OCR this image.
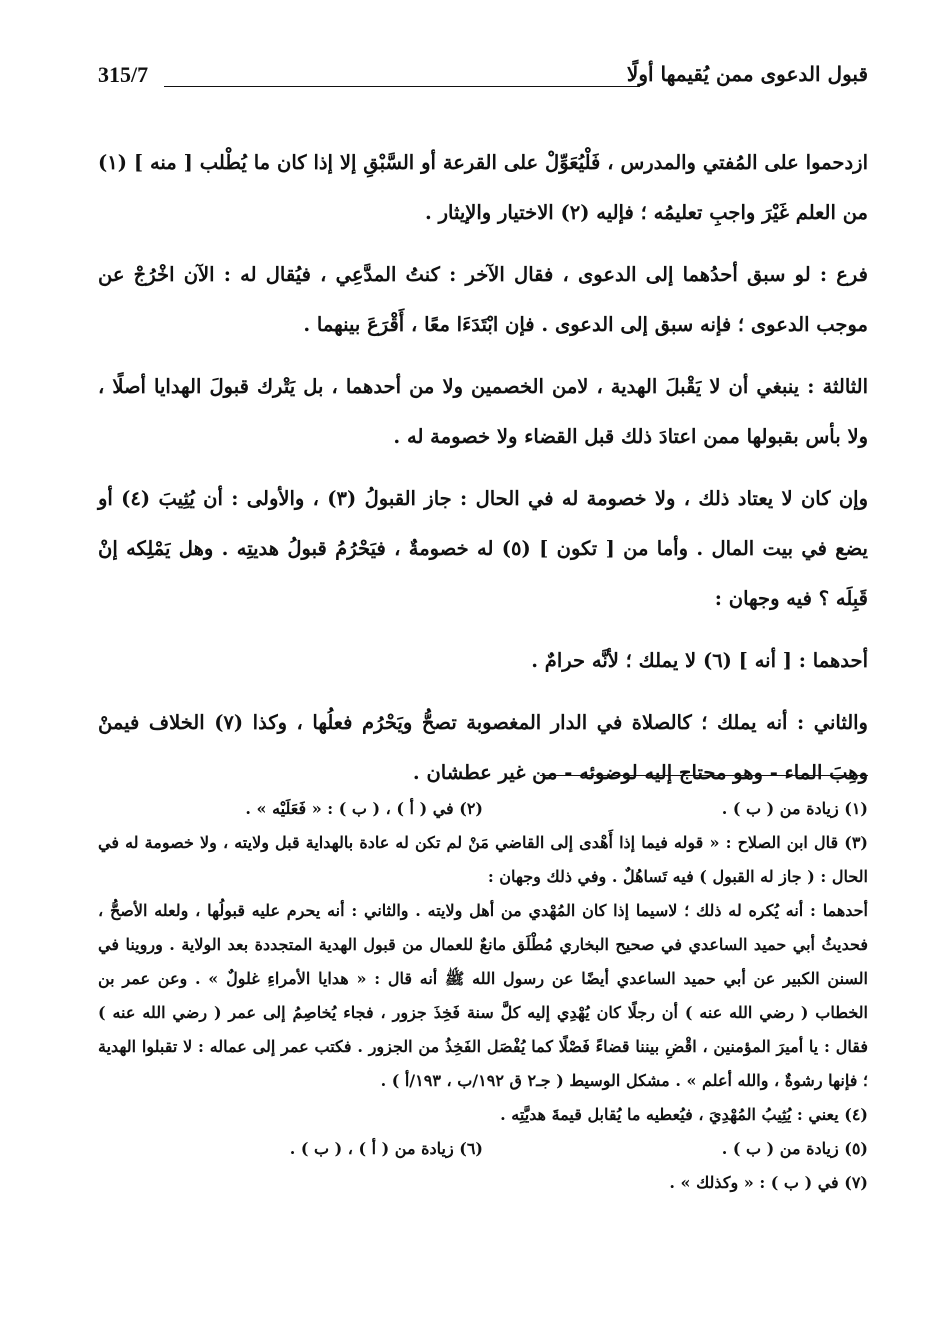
315/7	قبول الدعوى ممن يُقيمها أولًا

ازدحموا على المُفتي والمدرس ، فَلْيُعَوِّلْ على القرعة أو السَّبْقِ إلا إذا كان ما يُطْلب [ منه ] (١) من العلم غَيْرَ واجبِ تعليمُه ؛ فإليه (٢) الاختيار والإيثار .

فرع : لو سبق أحدُهما إلى الدعوى ، فقال الآخر : كنتُ المدَّعِي ، فيُقال له : الآن اخْرُجْ عن موجب الدعوى ؛ فإنه سبق إلى الدعوى . فإن ابْتَدَءَا معًا ، أَقْرَعَ بينهما .

الثالثة : ينبغي أن لا يَقْبلَ الهدية ، لامن الخصمين ولا من أحدهما ، بل يَتْرك قبولَ الهدايا أصلًا ، ولا بأس بقبولها ممن اعتادَ ذلك قبل القضاء ولا خصومة له .

وإن كان لا يعتاد ذلك ، ولا خصومة له في الحال : جاز القبولُ (٣) ، والأولى : أن يُثِيبَ (٤) أو يضع في بيت المال . وأما من [ تكون ] (٥) له خصومةٌ ، فيَحْرُمُ قبولُ هديتِه . وهل يَمْلِكه إنْ قَبِلَه ؟ فيه وجهان :

أحدهما : [ أنه ] (٦) لا يملك ؛ لأنَّه حرامٌ .

والثاني : أنه يملك ؛ كالصلاة في الدار المغصوبة تصحُّ ويَحْرُم فعلُها ، وكذا (٧) الخلاف فيمنْ وهِبَ الماء - وهو محتاج إليه لوضوئه - من غير عطشان .

(١) زيادة من ( ب ) .
(٢) في ( أ ) ، ( ب ) : « فَعَلَيْه » .

(٣) قال ابن الصلاح : « قوله فيما إذا أَهْدى إلى القاضي مَنْ لم تكن له عادة بالهداية قبل ولايته ، ولا خصومة له في الحال : ( جاز له القبول ) فيه تَساهُلٌ . وفي ذلك وجهان :

أحدهما : أنه يُكره له ذلك ؛ لاسيما إذا كان المُهْدي من أهل ولايته . والثاني : أنه يحرم عليه قبولُها ، ولعله الأصحُّ ، فحديثُ أبي حميد الساعدي في صحيح البخاري مُطْلَق مانعٌ للعمال من قبول الهدية المتجددة بعد الولاية . وروينا في السنن الكبير عن أبي حميد الساعدي أيضًا عن رسول الله ﷺ أنه قال : « هدايا الأمراءِ غلولٌ » . وعن عمر بن الخطاب ( رضي الله عنه ) أن رجلًا كان يُهْدِي إليه كلَّ سنة فَخِذَ جزور ، فجاء يُخاصِمُ إلى عمر ( رضي الله عنه ) فقال : يا أميرَ المؤمنين ، اقْضِ بيننا قضاءً فَصْلًا كما يُفْصَل الفَخِذُ من الجزور . فكتب عمر إلى عماله : لا تقبلوا الهدية ؛ فإنها رشوةٌ ، والله أعلم » . مشكل الوسيط ( جـ٢ ق ١٩٢/ب ، ١٩٣/أ ) .

(٤) يعني : يُثِيبُ المُهْدِيَ ، فيُعطيه ما يُقابل قيمةَ هديَّتِه .

(٥) زيادة من ( ب ) .
(٦) زيادة من ( أ ) ، ( ب ) .

(٧) في ( ب ) : « وكذلك » .
